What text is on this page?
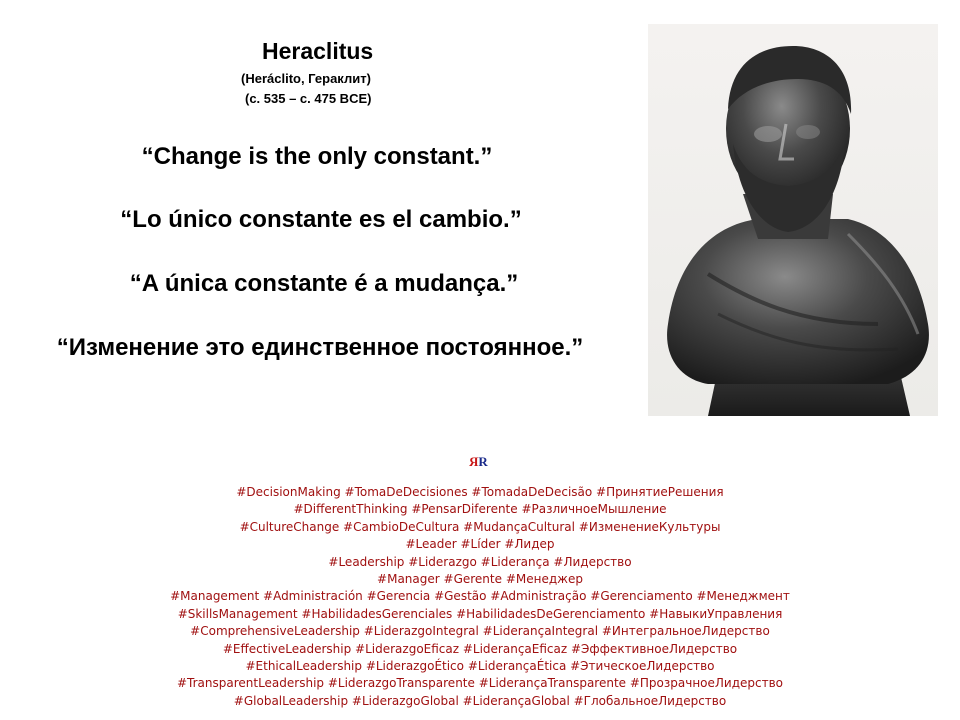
Heraclitus
(Heráclito, Гераклит)
(c. 535 – c. 475 BCE)
“Change is the only constant.”
“Lo único constante es el cambio.”
“A única constante é a mudança.”
“Изменение это единственное постоянное.”
ЯR
#DecisionMaking #TomaDeDecisiones #TomadaDeDecisão #ПринятиеРешения
#DifferentThinking #PensarDiferente #РазличноеМышление
#CultureChange #CambioDeCultura #MudançaCultural #ИзменениеКультуры
#Leader #Líder #Лидер
#Leadership #Liderazgo #Liderança #Лидерство
#Manager #Gerente #Менеджер
#Management #Administración #Gerencia #Gestão #Administração #Gerenciamento #Менеджмент
#SkillsManagement #HabilidadesGerenciales #HabilidadesDeGerenciamento #НавыкиУправления
#ComprehensiveLeadership #LiderazgoIntegral #LiderançaIntegral #ИнтегральноеЛидерство
#EffectiveLeadership #LiderazgoEficaz #LiderançaEficaz #ЭффективноеЛидерство
#EthicalLeadership #LiderazgoÉtico #LiderançaÉtica #ЭтическоеЛидерство
#TransparentLeadership #LiderazgoTransparente #LiderançaTransparente #ПрозрачноеЛидерство
#GlobalLeadership #LiderazgoGlobal #LiderançaGlobal #ГлобальноеЛидерство
